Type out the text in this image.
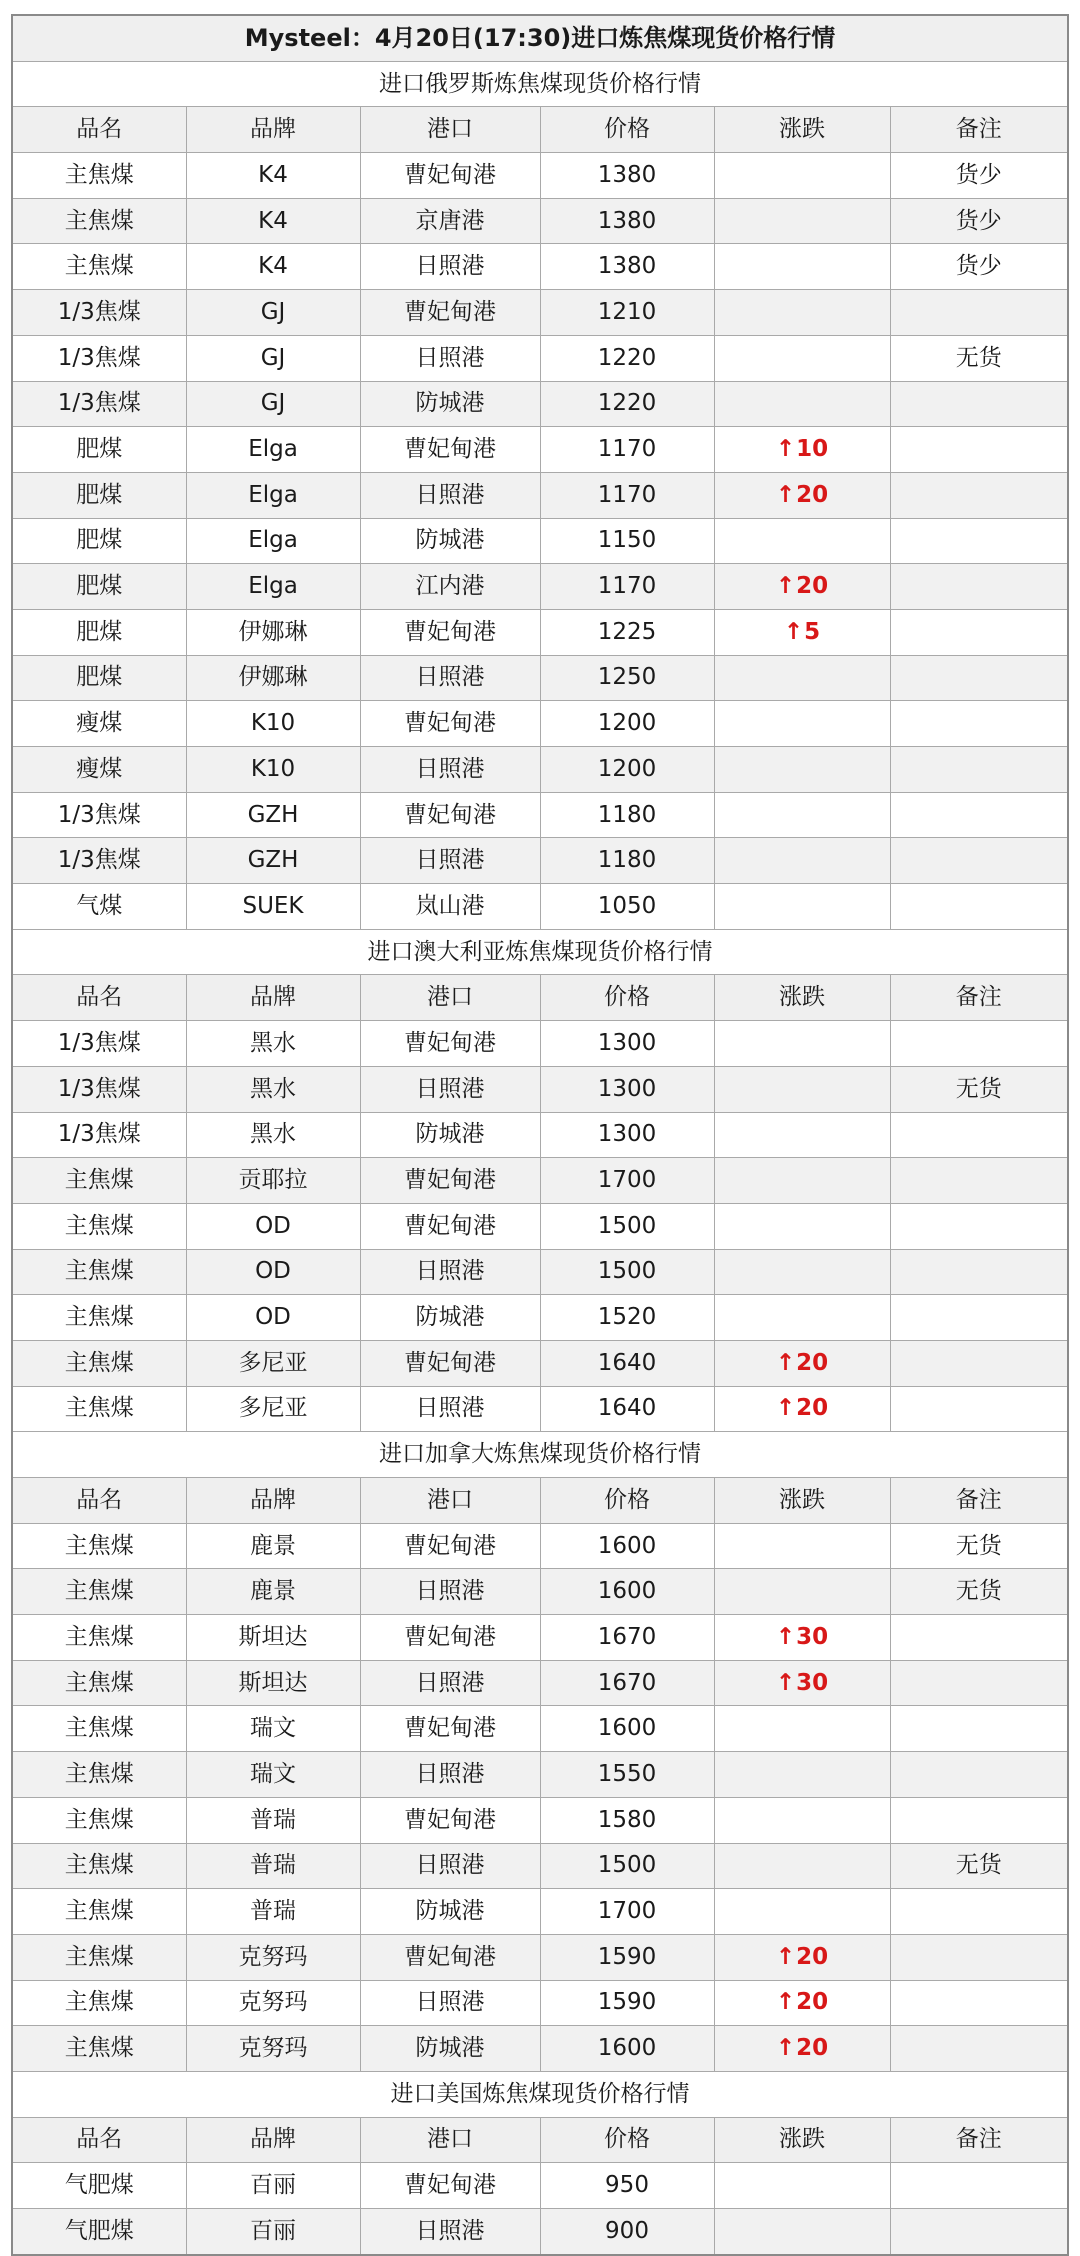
Mysteel：4月20日(17:30)进口炼焦煤现货价格行情					
进口俄罗斯炼焦煤现货价格行情					
品名	品牌	港口	价格	涨跌	备注
主焦煤	K4	曹妃甸港	1380		货少
主焦煤	K4	京唐港	1380		货少
主焦煤	K4	日照港	1380		货少
1/3焦煤	GJ	曹妃甸港	1210		
1/3焦煤	GJ	日照港	1220		无货
1/3焦煤	GJ	防城港	1220		
肥煤	Elga	曹妃甸港	1170	↑10	
肥煤	Elga	日照港	1170	↑20	
肥煤	Elga	防城港	1150		
肥煤	Elga	江内港	1170	↑20	
肥煤	伊娜琳	曹妃甸港	1225	↑5	
肥煤	伊娜琳	日照港	1250		
瘦煤	K10	曹妃甸港	1200		
瘦煤	K10	日照港	1200		
1/3焦煤	GZH	曹妃甸港	1180		
1/3焦煤	GZH	日照港	1180		
气煤	SUEK	岚山港	1050		
进口澳大利亚炼焦煤现货价格行情					
品名	品牌	港口	价格	涨跌	备注
1/3焦煤	黑水	曹妃甸港	1300		
1/3焦煤	黑水	日照港	1300		无货
1/3焦煤	黑水	防城港	1300		
主焦煤	贡耶拉	曹妃甸港	1700		
主焦煤	OD	曹妃甸港	1500		
主焦煤	OD	日照港	1500		
主焦煤	OD	防城港	1520		
主焦煤	多尼亚	曹妃甸港	1640	↑20	
主焦煤	多尼亚	日照港	1640	↑20	
进口加拿大炼焦煤现货价格行情					
品名	品牌	港口	价格	涨跌	备注
主焦煤	鹿景	曹妃甸港	1600		无货
主焦煤	鹿景	日照港	1600		无货
主焦煤	斯坦达	曹妃甸港	1670	↑30	
主焦煤	斯坦达	日照港	1670	↑30	
主焦煤	瑞文	曹妃甸港	1600		
主焦煤	瑞文	日照港	1550		
主焦煤	普瑞	曹妃甸港	1580		
主焦煤	普瑞	日照港	1500		无货
主焦煤	普瑞	防城港	1700		
主焦煤	克努玛	曹妃甸港	1590	↑20	
主焦煤	克努玛	日照港	1590	↑20	
主焦煤	克努玛	防城港	1600	↑20	
进口美国炼焦煤现货价格行情					
品名	品牌	港口	价格	涨跌	备注
气肥煤	百丽	曹妃甸港	950		
气肥煤	百丽	日照港	900		
